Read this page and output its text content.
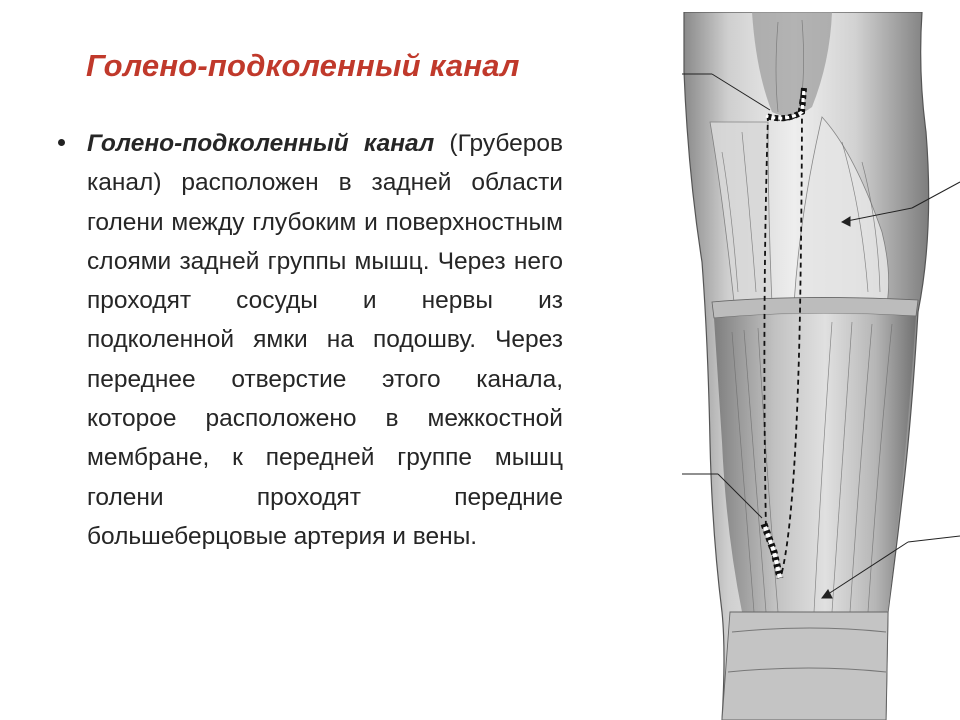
Голено-подколенный канал

Голено-подколенный канал (Груберов канал) расположен в задней области голени между глубоким и поверхностным слоями задней группы мышц. Через него проходят сосуды и нервы из подколенной ямки на подошву. Через переднее отверстие этого канала, которое расположено в межкостной мембране, к передней группе мышц голени проходят передние большеберцовые артерия и вены.
